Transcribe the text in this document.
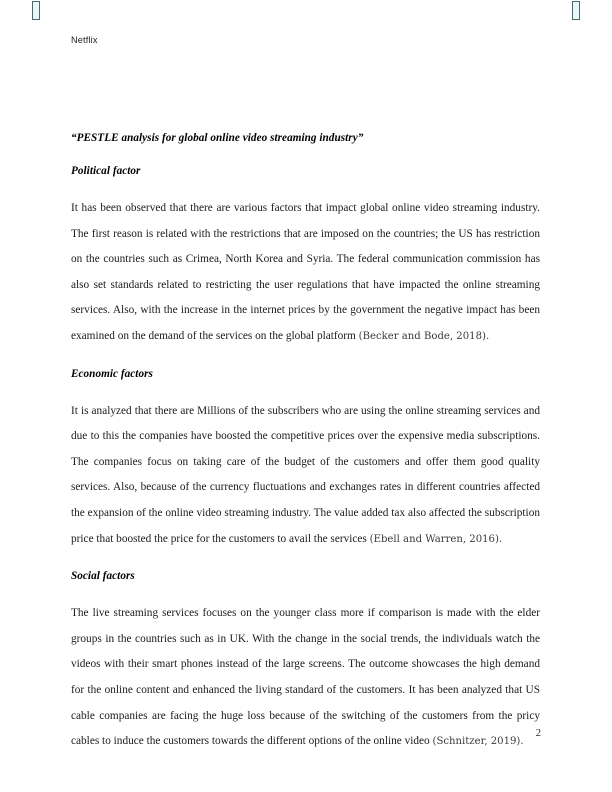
Netflix

“PESTLE analysis for global online video streaming industry”

Political factor

It has been observed that there are various factors that impact global online video streaming industry. The first reason is related with the restrictions that are imposed on the countries; the US has restriction on the countries such as Crimea, North Korea and Syria. The federal communication commission has also set standards related to restricting the user regulations that have impacted the online streaming services. Also, with the increase in the internet prices by the government the negative impact has been examined on the demand of the services on the global platform (Becker and Bode, 2018).

Economic factors

It is analyzed that there are Millions of the subscribers who are using the online streaming services and due to this the companies have boosted the competitive prices over the expensive media subscriptions. The companies focus on taking care of the budget of the customers and offer them good quality services. Also, because of the currency fluctuations and exchanges rates in different countries affected the expansion of the online video streaming industry. The value added tax also affected the subscription price that boosted the price for the customers to avail the services (Ebell and Warren, 2016).

Social factors

The live streaming services focuses on the younger class more if comparison is made with the elder groups in the countries such as in UK. With the change in the social trends, the individuals watch the videos with their smart phones instead of the large screens. The outcome showcases the high demand for the online content and enhanced the living standard of the customers. It has been analyzed that US cable companies are facing the huge loss because of the switching of the customers from the pricy cables to induce the customers towards the different options of the online video (Schnitzer, 2019).

2
